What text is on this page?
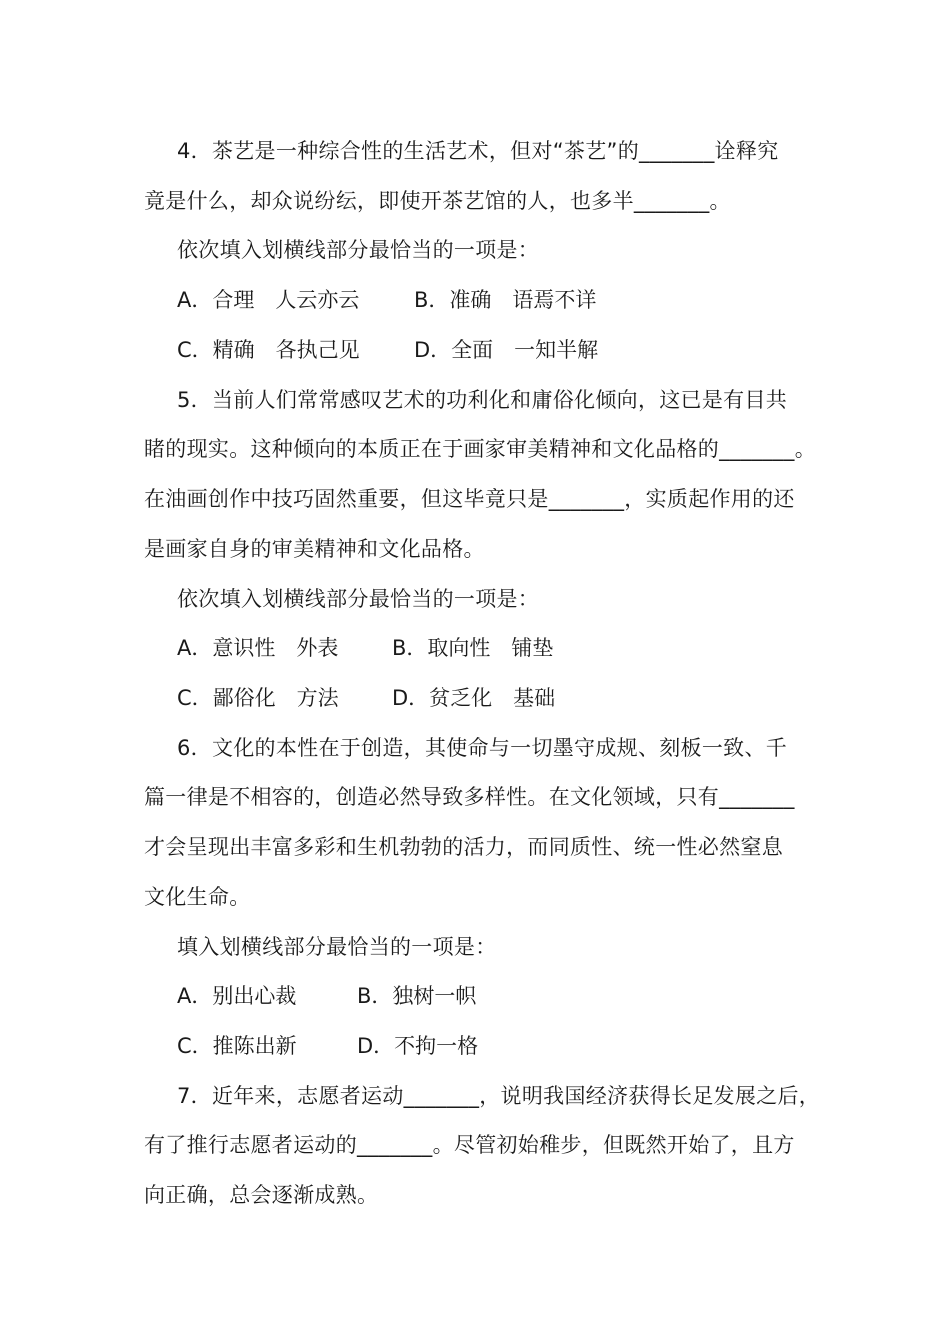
4．茶艺是一种综合性的生活艺术，但对“茶艺”的_______诠释究
竟是什么，却众说纷纭，即使开茶艺馆的人，也多半_______。
依次填入划横线部分最恰当的一项是：
A．合理　人云亦云	B．准确　语焉不详
C．精确　各执己见	D．全面　一知半解
5．当前人们常常感叹艺术的功利化和庸俗化倾向，这已是有目共
睹的现实。这种倾向的本质正在于画家审美精神和文化品格的_______。
在油画创作中技巧固然重要，但这毕竟只是_______，实质起作用的还
是画家自身的审美精神和文化品格。
依次填入划横线部分最恰当的一项是：
A．意识性　外表	B．取向性　铺垫
C．鄙俗化　方法	D．贫乏化　基础
6．文化的本性在于创造，其使命与一切墨守成规、刻板一致、千
篇一律是不相容的，创造必然导致多样性。在文化领域，只有_______
才会呈现出丰富多彩和生机勃勃的活力，而同质性、统一性必然窒息
文化生命。
填入划横线部分最恰当的一项是：
A．别出心裁	B．独树一帜
C．推陈出新	D．不拘一格
7．近年来，志愿者运动_______，说明我国经济获得长足发展之后，
有了推行志愿者运动的_______。尽管初始稚步，但既然开始了，且方
向正确，总会逐渐成熟。
